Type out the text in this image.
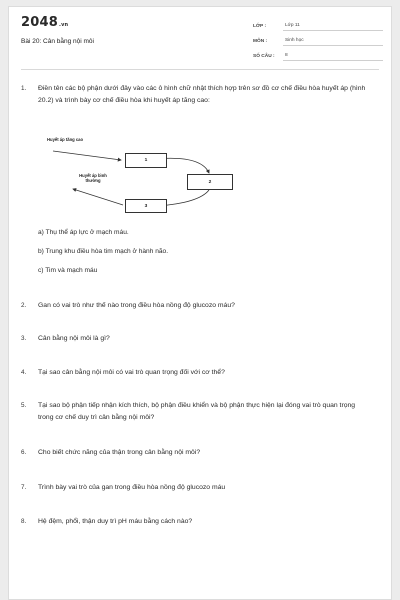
2048.vn
Bài 20: Cân bằng nội môi
LỚP :	Lớp 11
MÔN :	Sinh học
SỐ CÂU :	8
1. Điền tên các bộ phận dưới đây vào các ô hình chữ nhật thích hợp trên sơ đồ cơ chế điều hòa huyết áp (hình 20.2) và trình bày cơ chế điều hòa khi huyết áp tăng cao:
Huyết áp tăng cao
Huyết áp bình thường
1
2
3
a) Thụ thể áp lực ở mạch máu.
b) Trung khu điều hòa tim mạch ở hành não.
c) Tim và mạch máu
2. Gan có vai trò như thế nào trong điều hòa nồng độ glucozo máu?
3. Cân bằng nội môi là gì?
4. Tại sao cân bằng nội môi có vai trò quan trọng đối với cơ thể?
5. Tại sao bộ phận tiếp nhận kích thích, bộ phận điều khiển và bộ phận thực hiện lại đóng vai trò quan trọng trong cơ chế duy trì cân bằng nội môi?
6. Cho biết chức năng của thận trong cân bằng nội môi?
7. Trình bày vai trò của gan trong điều hòa nồng độ glucozo máu
8. Hệ đệm, phổi, thận duy trì pH máu bằng cách nào?
